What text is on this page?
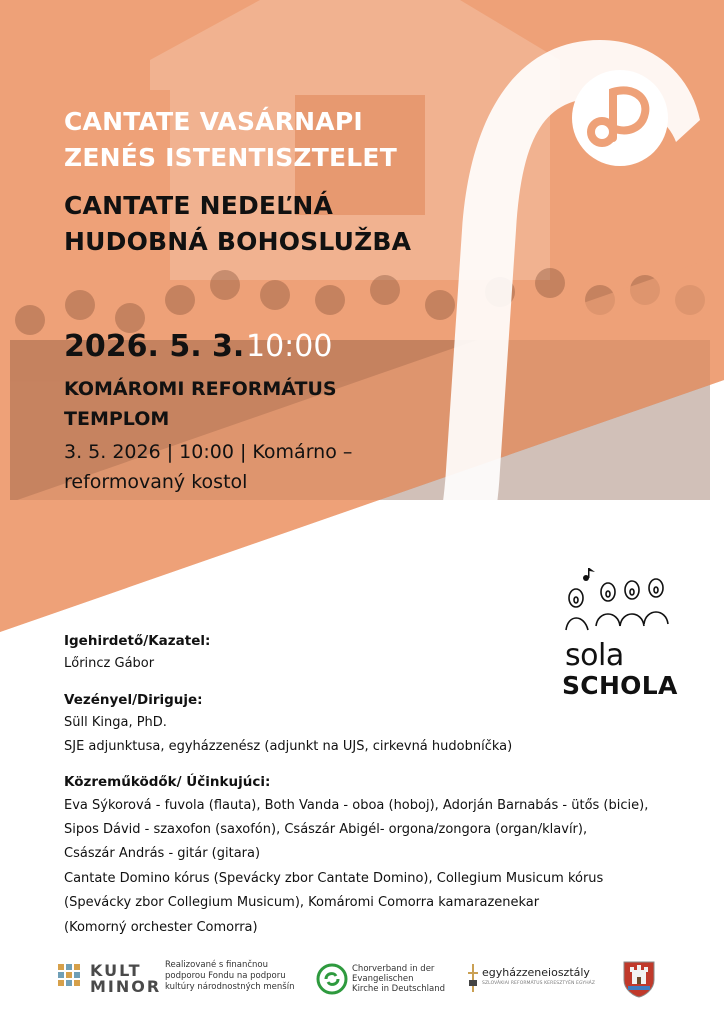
CANTATE VASÁRNAPI
ZENÉS ISTENTISZTELET

CANTATE NEDEĽNÁ
HUDOBNÁ BOHOSLUŽBA

2026. 5. 3. 10:00

KOMÁROMI REFORMÁTUS
TEMPLOM

3. 5. 2026 | 10:00 | Komárno –
reformovaný kostol

Igehirdető/Kazatel:

Lőrincz Gábor

Vezényel/Diriguje:

Süll Kinga, PhD.

SJE adjunktusa, egyházzenész (adjunkt na UJS, cirkevná hudobníčka)

Közreműködők/ Účinkujúci:

Eva Sýkorová - fuvola (flauta), Both Vanda - oboa (hoboj), Adorján Barnabás - ütős (bicie),

Sipos Dávid - szaxofon (saxofón), Császár Abigél- orgona/zongora (organ/klavír),

Császár András - gitár (gitara)

Cantate Domino kórus (Spevácky zbor Cantate Domino), Collegium Musicum kórus

(Spevácky zbor Collegium Musicum), Komáromi Comorra kamarazenekar

(Komorný orchester Comorra)

sola
SCHOLA
KULT
MINOR
Realizované s finančnou podporou Fondu na podporu kultúry národnostných menšín
Chorverband in der
Evangelischen
Kirche in Deutschland
egyházzeneiosztály
SZLOVÁKIAI REFORMÁTUS KERESZTYÉN EGYHÁZ
